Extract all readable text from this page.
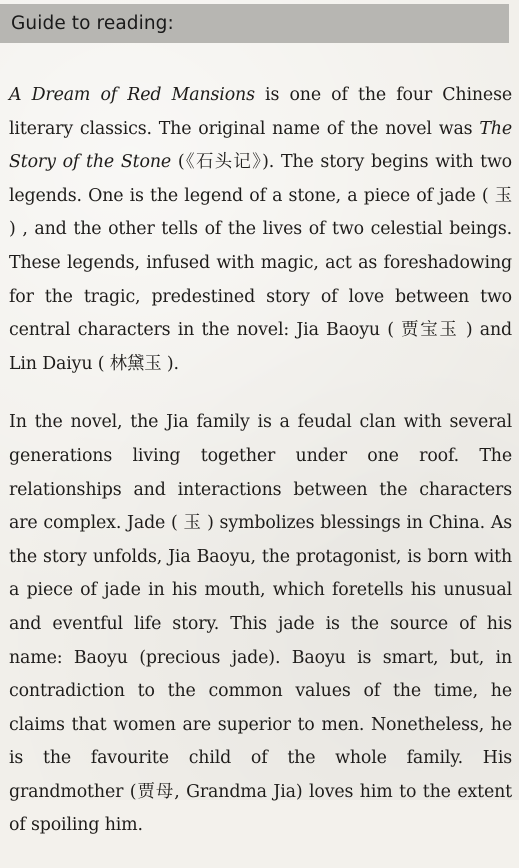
Guide to reading:

A Dream of Red Mansions is one of the four Chinese literary classics. The original name of the novel was The Story of the Stone (《石头记》). The story begins with two legends. One is the legend of a stone, a piece of jade ( 玉 ) , and the other tells of the lives of two celestial beings. These legends, infused with magic, act as foreshadowing for the tragic, predestined story of love between two central characters in the novel: Jia Baoyu ( 贾宝玉 ) and Lin Daiyu ( 林黛玉 ).

In the novel, the Jia family is a feudal clan with several generations living together under one roof. The relationships and interactions between the characters are complex. Jade ( 玉 ) symbolizes blessings in China. As the story unfolds, Jia Baoyu, the protagonist, is born with a piece of jade in his mouth, which foretells his unusual and eventful life story. This jade is the source of his name: Baoyu (precious jade). Baoyu is smart, but, in contradiction to the common values of the time, he claims that women are superior to men. Nonetheless, he is the favourite child of the whole family. His grandmother (贾母, Grandma Jia) loves him to the extent of spoiling him.
